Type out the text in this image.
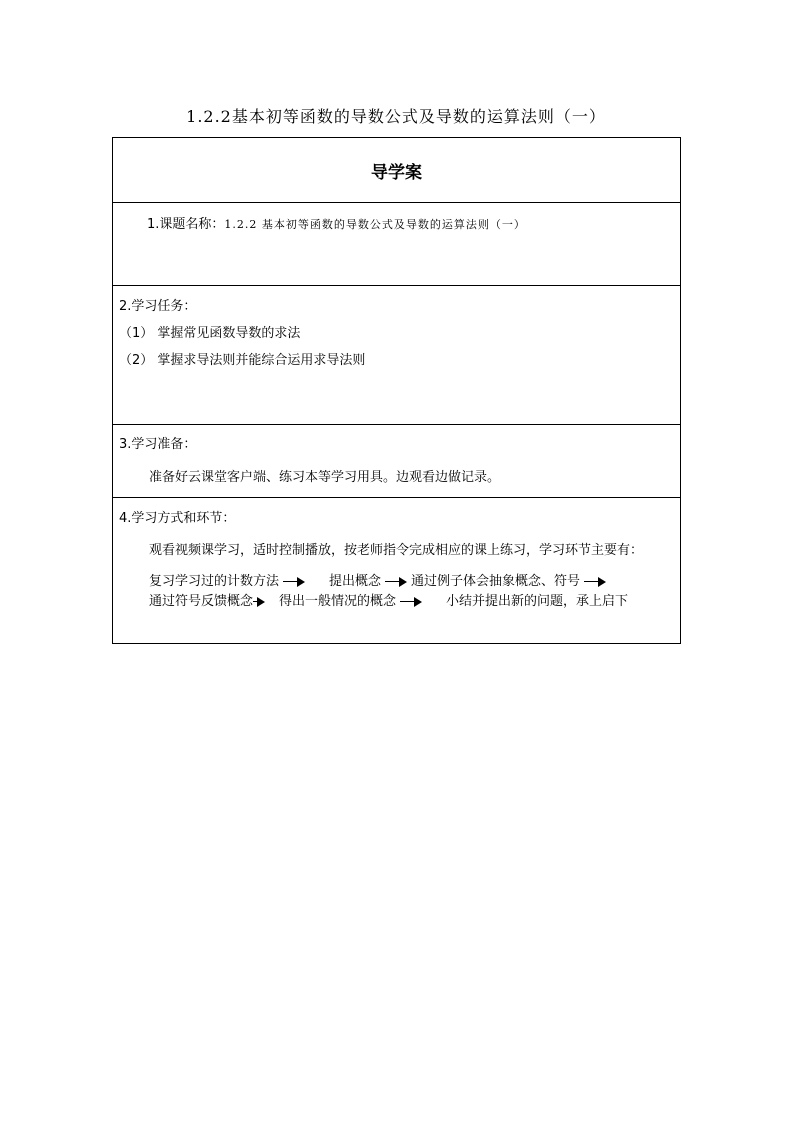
1.2.2基本初等函数的导数公式及导数的运算法则（一）
导学案

1.课题名称：1.2.2 基本初等函数的导数公式及导数的运算法则（一）

2.学习任务：
（1） 掌握常见函数导数的求法
（2） 掌握求导法则并能综合运用求导法则

3.学习准备：
准备好云课堂客户端、练习本等学习用具。边观看边做记录。

4.学习方式和环节：
观看视频课学习，适时控制播放，按老师指令完成相应的课上练习，学习环节主要有：
复习学习过的计数方法	提出概念 通过例子体会抽象概念、符号通过符号反馈概念 得出一般情况的概念	小结并提出新的问题，承上启下
